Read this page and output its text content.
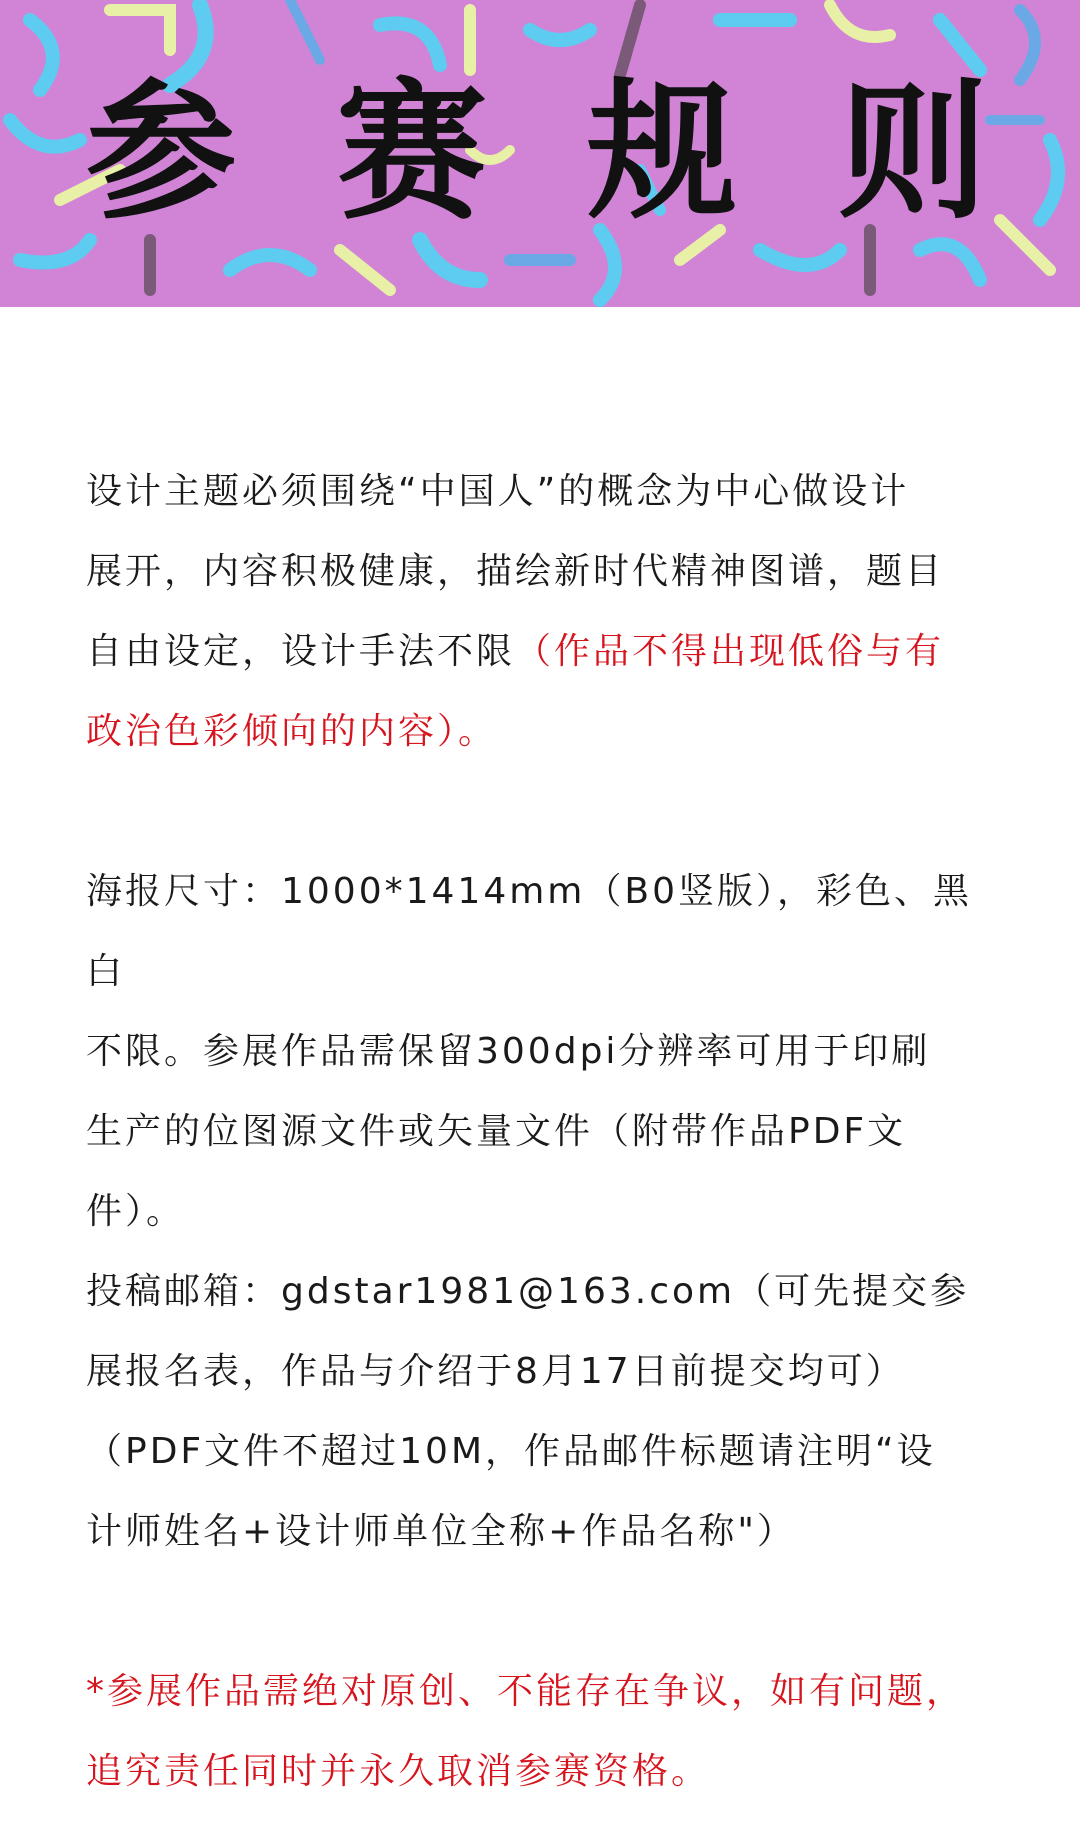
参 赛 规 则
设计主题必须围绕“中国人”的概念为中心做设计
展开，内容积极健康，描绘新时代精神图谱，题目
自由设定，设计手法不限（作品不得出现低俗与有
政治色彩倾向的内容）。
海报尺寸：1000*1414mm（B0竖版），彩色、黑白
不限。参展作品需保留300dpi分辨率可用于印刷
生产的位图源文件或矢量文件（附带作品PDF文
件）。
投稿邮箱：gdstar1981@163.com（可先提交参
展报名表，作品与介绍于8月17日前提交均可）
（PDF文件不超过10M，作品邮件标题请注明“设
计师姓名+设计师单位全称+作品名称"）
*参展作品需绝对原创、不能存在争议，如有问题，
追究责任同时并永久取消参赛资格。
